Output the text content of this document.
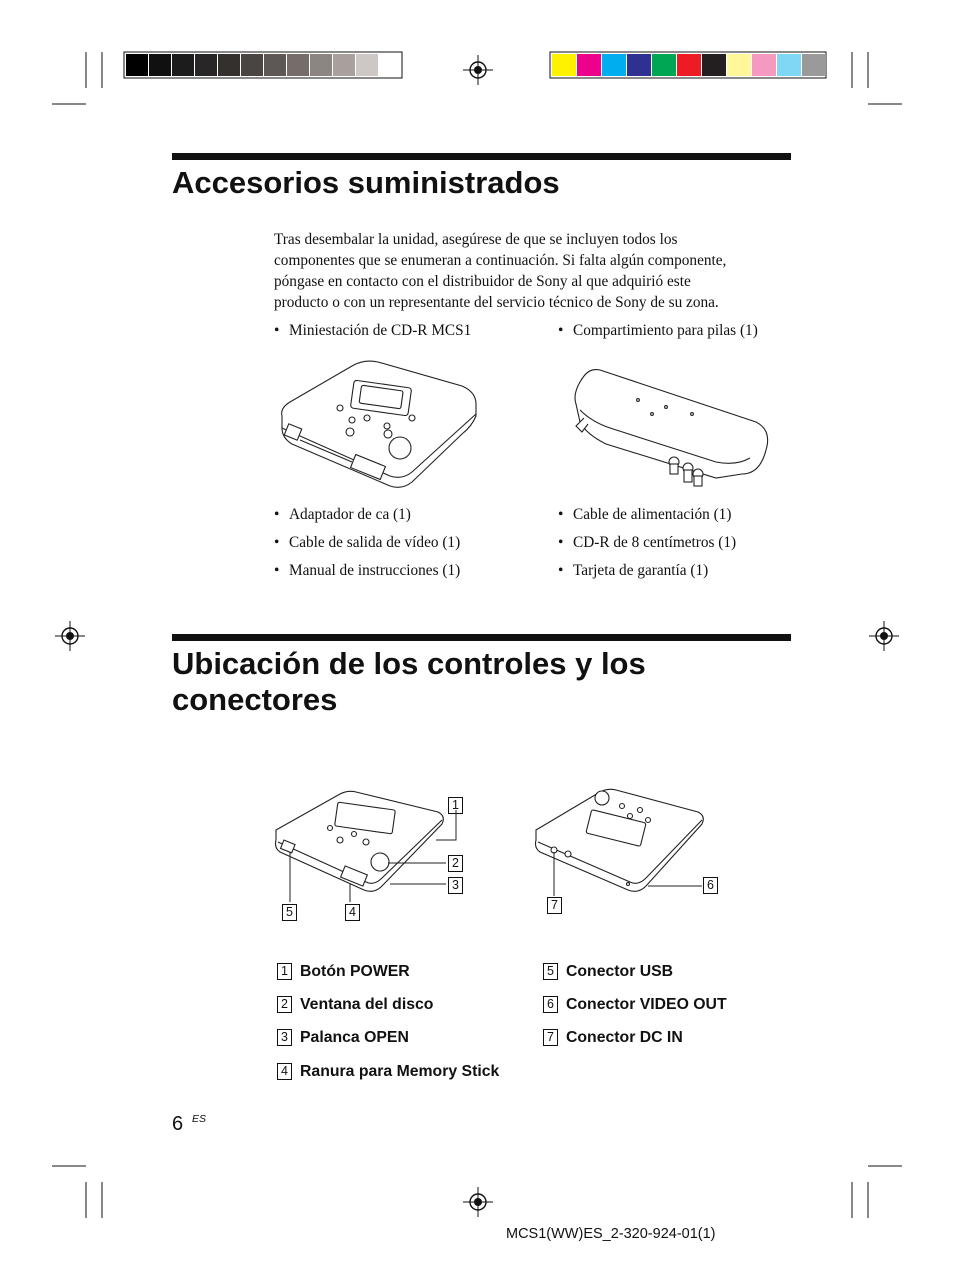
Accesorios suministrados
Tras desembalar la unidad, asegúrese de que se incluyen todos los
componentes que se enumeran a continuación. Si falta algún componente,
póngase en contacto con el distribuidor de Sony al que adquirió este
producto o con un representante del servicio técnico de Sony de su zona.
• Miniestación de CD-R MCS1	• Compartimiento para pilas (1)
• Adaptador de ca (1)
• Cable de salida de vídeo (1)
• Manual de instrucciones (1)
• Cable de alimentación (1)
• CD-R de 8 centímetros (1)
• Tarjeta de garantía (1)
Ubicación de los controles y los
conectores
1
2
3
5	4	7
6
1 Botón POWER
2 Ventana del disco
3 Palanca OPEN
4 Ranura para Memory Stick
5 Conector USB
6 Conector VIDEO OUT
7 Conector DC IN
6 ES
MCS1(WW)ES_2-320-924-01(1)
